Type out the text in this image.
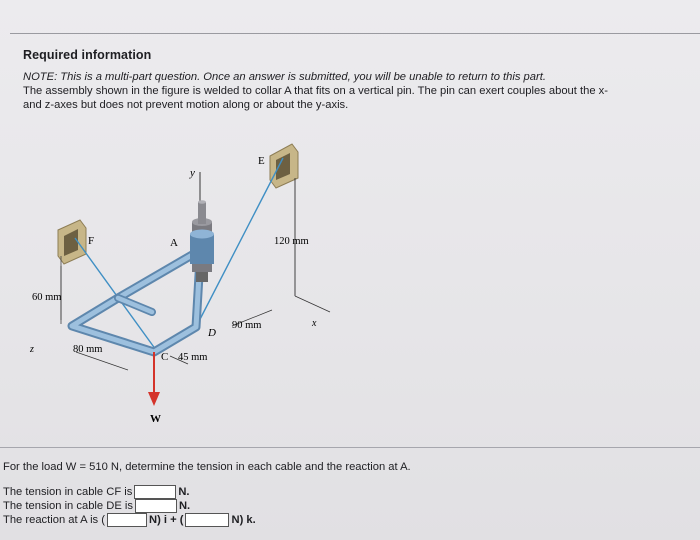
Required information
NOTE: This is a multi-part question. Once an answer is submitted, you will be unable to return to this part.
The assembly shown in the figure is welded to collar A that fits on a vertical pin. The pin can exert couples about the x-
and z-axes but does not prevent motion along or about the y-axis.
y
E
A
F
D
C
x
z
120 mm
60 mm
80 mm
90 mm
45 mm
W
For the load W = 510 N, determine the tension in each cable and the reaction at A.
The tension in cable CF is	N.
The tension in cable DE is	N.
The reaction at A is (	N) i + (	N) k.
